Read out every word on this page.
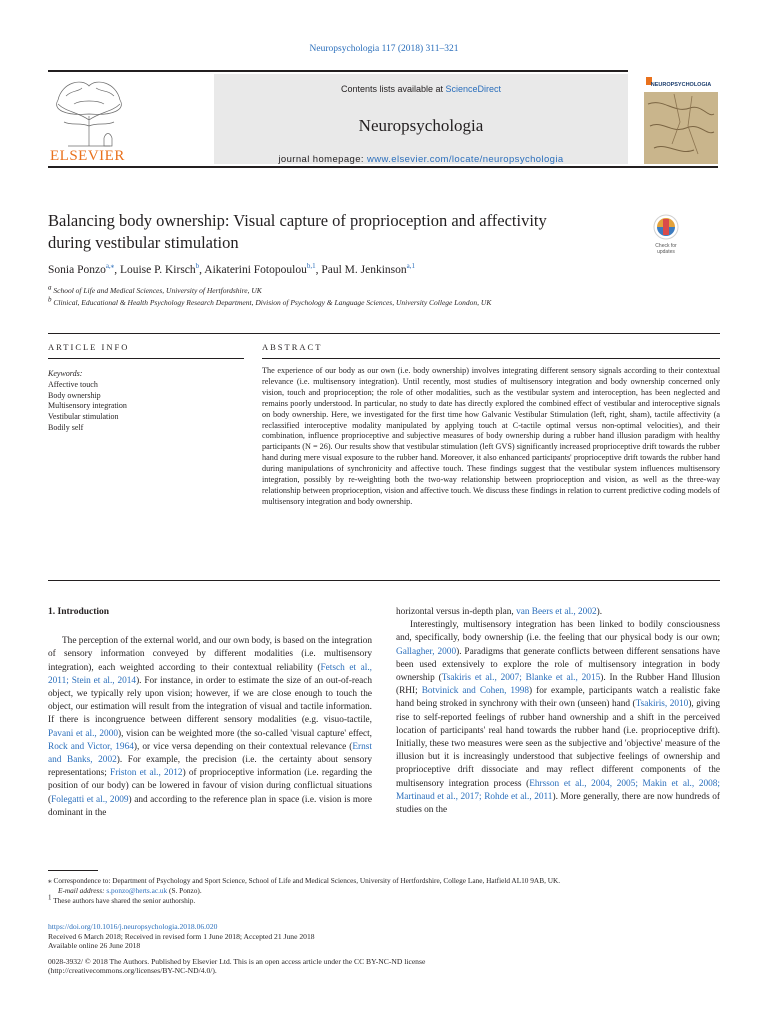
Neuropsychologia 117 (2018) 311–321
ELSEVIER
Contents lists available at ScienceDirect
Neuropsychologia
journal homepage: www.elsevier.com/locate/neuropsychologia
NEUROPSYCHOLOGIA
Balancing body ownership: Visual capture of proprioception and affectivity
during vestibular stimulation	Check for
updates
Sonia Ponzo$^{a,⁎}$, Louise P. Kirsch$^b$, Aikaterini Fotopoulou$^{b,1}$, Paul M. Jenkinson$^{a,1}$
$^a$ School of Life and Medical Sciences, University of Hertfordshire, UK
$^b$ Clinical, Educational & Health Psychology Research Department, Division of Psychology & Language Sciences, University College London, UK
ARTICLE INFO	ABSTRACT
Keywords:
Affective touch
Body ownership
Multisensory integration
Vestibular stimulation
Bodily self
The experience of our body as our own (i.e. body ownership) involves integrating different sensory signals according to their contextual relevance (i.e. multisensory integration). Until recently, most studies of multisensory integration and body ownership concerned only vision, touch and proprioception; the role of other modalities, such as the vestibular system and interoception, has been neglected and remains poorly understood. In particular, no study to date has directly explored the combined effect of vestibular and interoceptive signals on body ownership. Here, we investigated for the first time how Galvanic Vestibular Stimulation (left, right, sham), tactile affectivity (a reclassified interoceptive modality manipulated by applying touch at C-tactile optimal versus non-optimal velocities), and their combination, influence proprioceptive and subjective measures of body ownership during a rubber hand illusion paradigm with healthy participants (N = 26). Our results show that vestibular stimulation (left GVS) significantly increased proprioceptive drift towards the rubber hand during mere visual exposure to the rubber hand. Moreover, it also enhanced participants' proprioceptive drift towards the rubber hand during manipulations of synchronicity and affective touch. These findings suggest that the vestibular system influences multisensory integration, possibly by re-weighting both the two-way relationship between proprioception and vision, as well as the three-way relationship between proprioception, vision and affective touch. We discuss these findings in relation to current predictive coding models of multisensory integration and body ownership.
1. Introduction

The perception of the external world, and our own body, is based on the integration of sensory information conveyed by different modalities (i.e. multisensory integration), each weighted according to their contextual reliability (Fetsch et al., 2011; Stein et al., 2014). For instance, in order to estimate the size of an out-of-reach object, we typically rely upon vision; however, if we are close enough to touch the object, our estimation will result from the integration of visual and tactile information. If there is incongruence between different sensory modalities (e.g. visuo-tactile, Pavani et al., 2000), vision can be weighted more (the so-called 'visual capture' effect, Rock and Victor, 1964), or vice versa depending on their contextual relevance (Ernst and Banks, 2002). For example, the precision (i.e. the certainty about sensory representations; Friston et al., 2012) of proprioceptive information (i.e. regarding the position of our body) can be lowered in favour of vision during conflictual situations (Folegatti et al., 2009) and according to the reference plan in space (i.e. vision is more dominant in the

horizontal versus in-depth plan, van Beers et al., 2002).

Interestingly, multisensory integration has been linked to bodily consciousness and, specifically, body ownership (i.e. the feeling that our physical body is our own; Gallagher, 2000). Paradigms that generate conflicts between different sensations have been used extensively to explore the role of multisensory integration in body ownership (Tsakiris et al., 2007; Blanke et al., 2015). In the Rubber Hand Illusion (RHI; Botvinick and Cohen, 1998) for example, participants watch a realistic fake hand being stroked in synchrony with their own (unseen) hand (Tsakiris, 2010), giving rise to self-reported feelings of rubber hand ownership and a shift in the perceived location of participants' real hand towards the rubber hand (i.e. proprioceptive drift). Initially, these two measures were seen as the subjective and 'objective' measure of the illusion but it is increasingly understood that subjective feelings of ownership and proprioceptive drift dissociate and may reflect different components of the multisensory integration process (Ehrsson et al., 2004, 2005; Makin et al., 2008; Martinaud et al., 2017; Rohde et al., 2011). More generally, there are now hundreds of studies on the

⁎ Correspondence to: Department of Psychology and Sport Science, School of Life and Medical Sciences, University of Hertfordshire, College Lane, Hatfield AL10 9AB, UK.
E-mail address: s.ponzo@herts.ac.uk (S. Ponzo).
$^1$ These authors have shared the senior authorship.
https://doi.org/10.1016/j.neuropsychologia.2018.06.020
Received 6 March 2018; Received in revised form 1 June 2018; Accepted 21 June 2018
Available online 26 June 2018
0028-3932/ © 2018 The Authors. Published by Elsevier Ltd. This is an open access article under the CC BY-NC-ND license
(http://creativecommons.org/licenses/BY-NC-ND/4.0/).
